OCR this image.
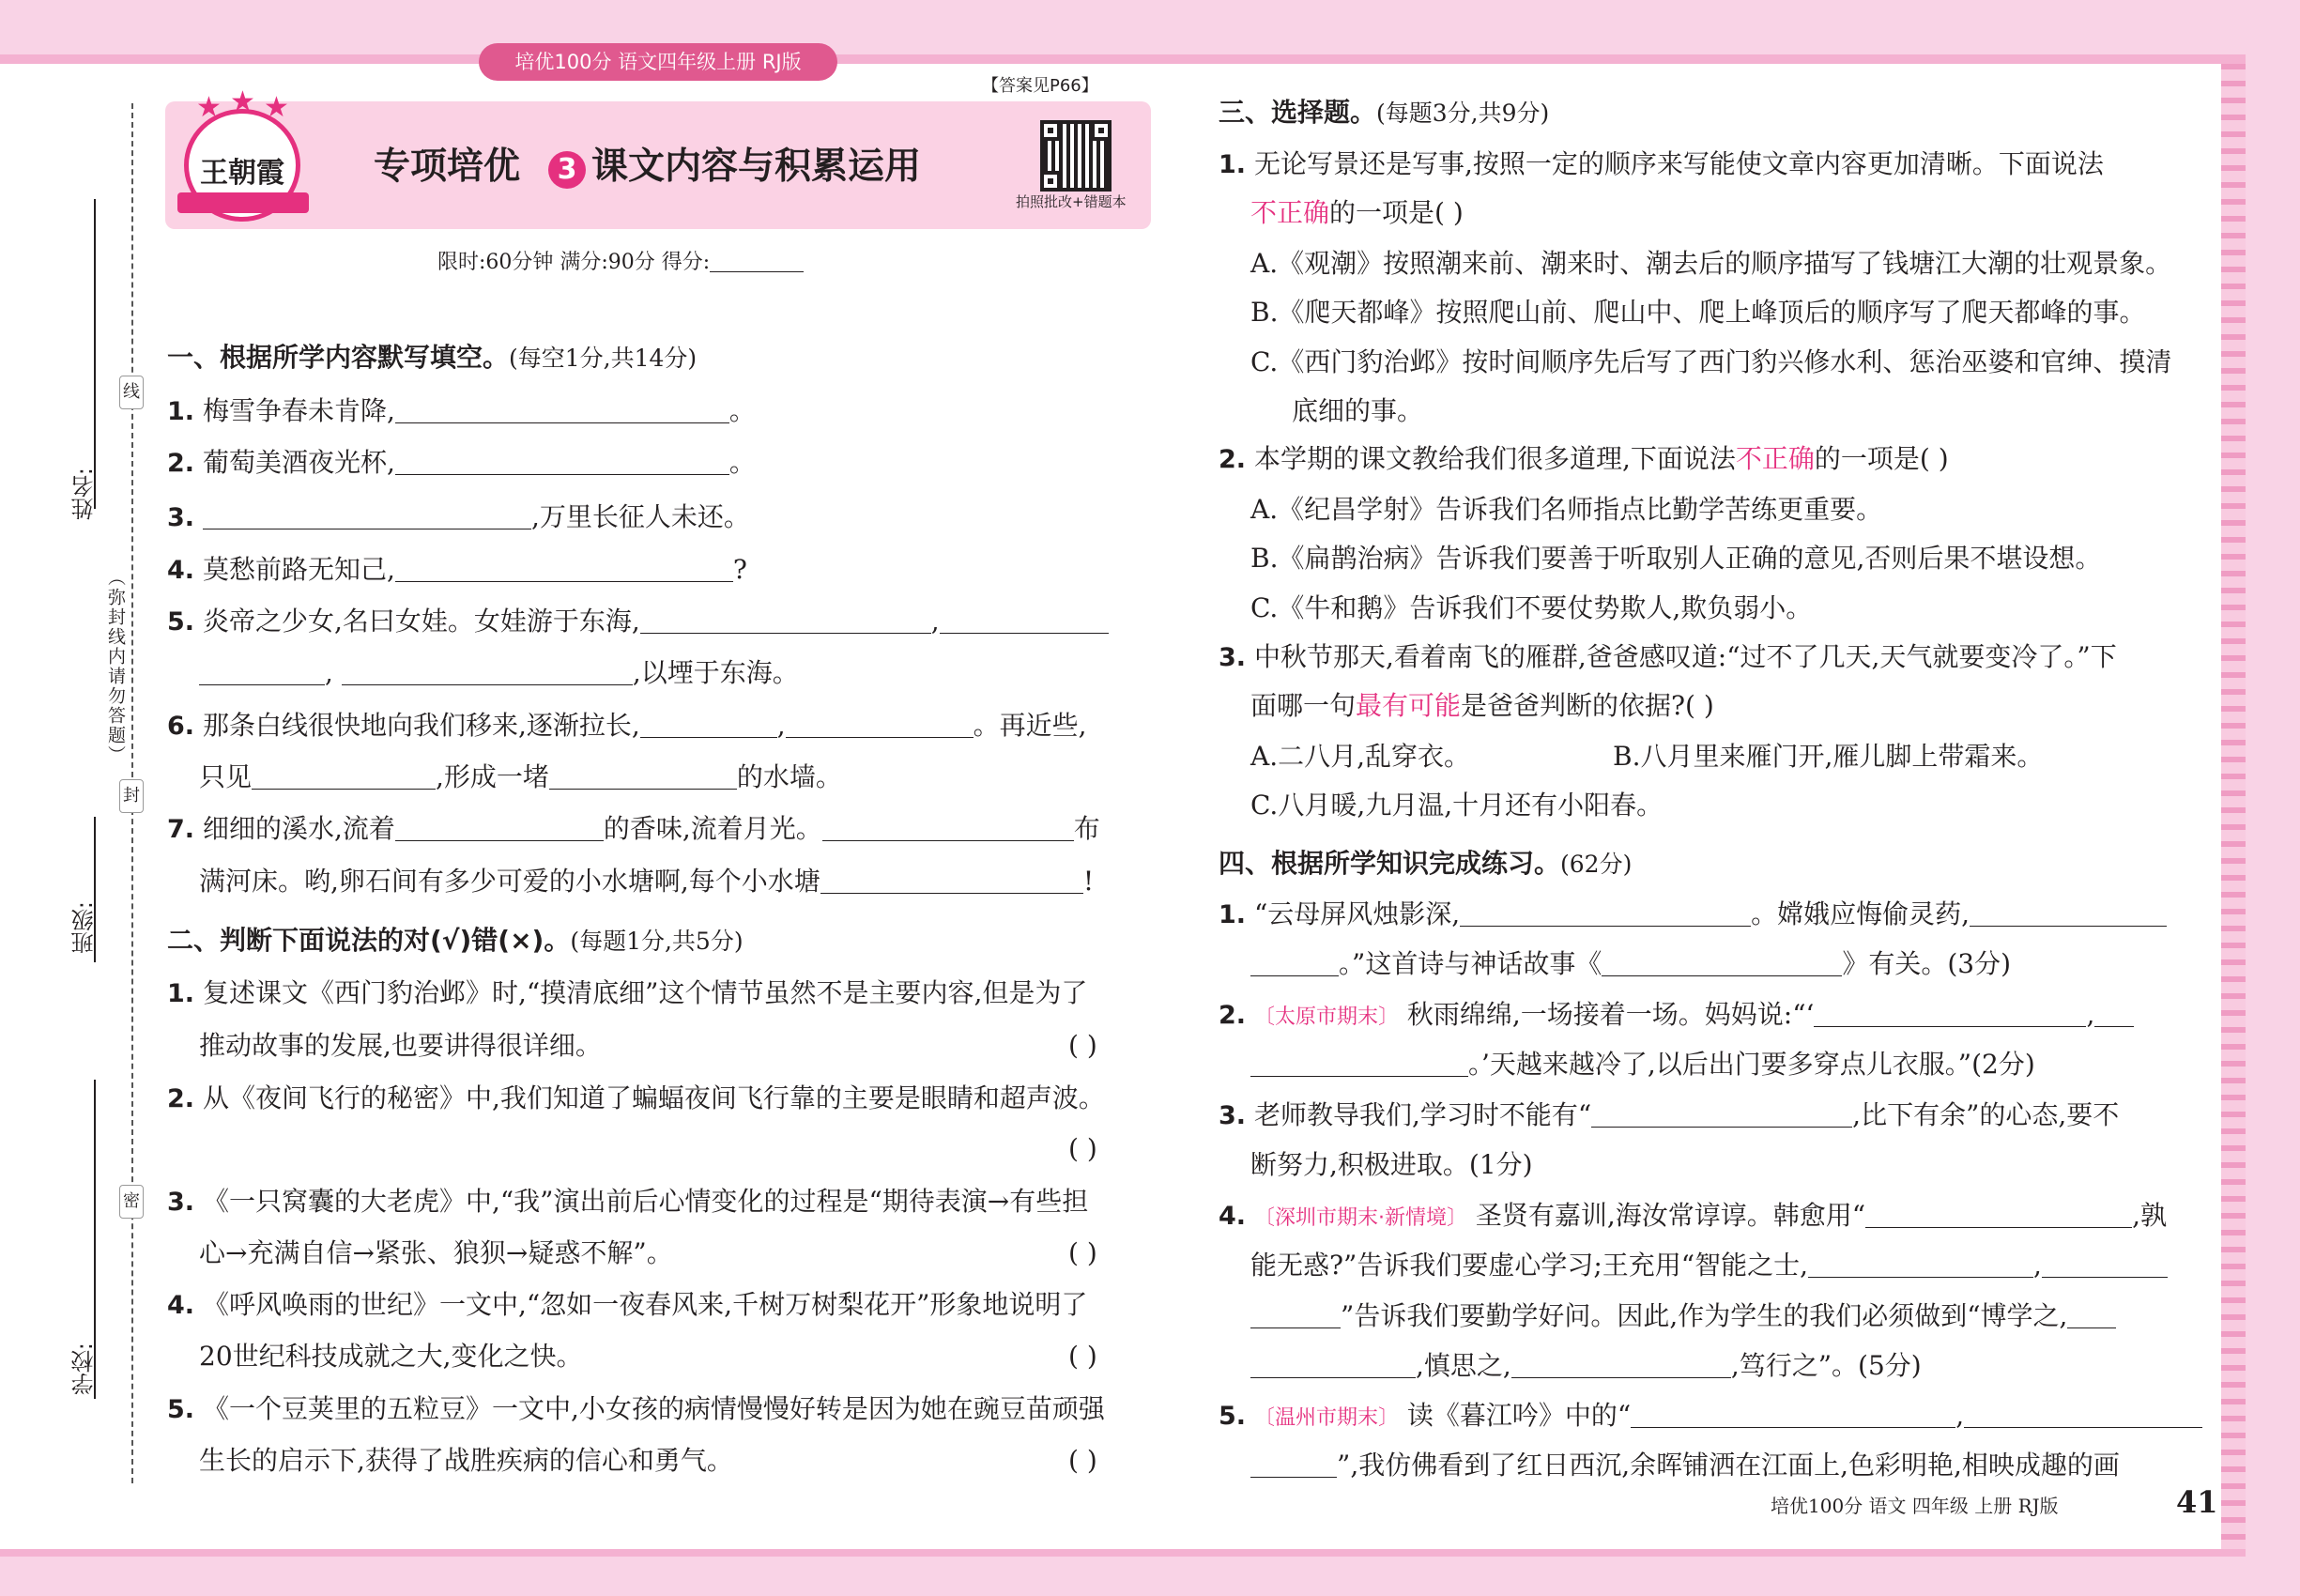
培优100分 语文四年级上册 RJ版
姓名:
班级:
学校:
（弥封线内请勿答题）
线
封
密
【答案见P66】
★ ★ ★
王朝霞	专项培优 3 课文内容与积累运用
拍照批改+错题本
限时:60分钟 满分:90分 得分:
一、根据所学内容默写填空。(每空1分,共14分)
1. 梅雪争春未肯降,	。
2. 葡萄美酒夜光杯,	。
3.	,万里长征人未还。
4. 莫愁前路无知己,	?
5. 炎帝之少女,名曰女娃。女娃游于东海,	,
,	,以堙于东海。
6. 那条白线很快地向我们移来,逐渐拉长,	,	。再近些,
只见	,形成一堵	的水墙。
7. 细细的溪水,流着	的香味,流着月光。	布
满河床。哟,卵石间有多少可爱的小水塘啊,每个小水塘	!
二、判断下面说法的对(√)错(×)。(每题1分,共5分)
1. 复述课文《西门豹治邺》时,“摸清底细”这个情节虽然不是主要内容,但是为了
推动故事的发展,也要讲得很详细。	( )
2. 从《夜间飞行的秘密》中,我们知道了蝙蝠夜间飞行靠的主要是眼睛和超声波。
( )
3. 《一只窝囊的大老虎》中,“我”演出前后心情变化的过程是“期待表演→有些担
心→充满自信→紧张、狼狈→疑惑不解”。	( )
4. 《呼风唤雨的世纪》一文中,“忽如一夜春风来,千树万树梨花开”形象地说明了
20世纪科技成就之大,变化之快。	( )
5. 《一个豆荚里的五粒豆》一文中,小女孩的病情慢慢好转是因为她在豌豆苗顽强
生长的启示下,获得了战胜疾病的信心和勇气。	( )
三、选择题。(每题3分,共9分)
1. 无论写景还是写事,按照一定的顺序来写能使文章内容更加清晰。下面说法
不正确的一项是( )
A.《观潮》按照潮来前、潮来时、潮去后的顺序描写了钱塘江大潮的壮观景象。
B.《爬天都峰》按照爬山前、爬山中、爬上峰顶后的顺序写了爬天都峰的事。
C.《西门豹治邺》按时间顺序先后写了西门豹兴修水利、惩治巫婆和官绅、摸清
底细的事。
2. 本学期的课文教给我们很多道理,下面说法不正确的一项是( )
A.《纪昌学射》告诉我们名师指点比勤学苦练更重要。
B.《扁鹊治病》告诉我们要善于听取别人正确的意见,否则后果不堪设想。
C.《牛和鹅》告诉我们不要仗势欺人,欺负弱小。
3. 中秋节那天,看着南飞的雁群,爸爸感叹道:“过不了几天,天气就要变冷了。”下
面哪一句最有可能是爸爸判断的依据?( )
A.二八月,乱穿衣。	B.八月里来雁门开,雁儿脚上带霜来。
C.八月暖,九月温,十月还有小阳春。
四、根据所学知识完成练习。(62分)
1. “云母屏风烛影深,	。嫦娥应悔偷灵药,
。”这首诗与神话故事《	》有关。(3分)
2. 〔太原市期末〕 秋雨绵绵,一场接着一场。妈妈说:“‘	,
。’天越来越冷了,以后出门要多穿点儿衣服。”(2分)
3. 老师教导我们,学习时不能有“	,比下有余”的心态,要不
断努力,积极进取。(1分)
4. 〔深圳市期末·新情境〕 圣贤有嘉训,海汝常谆谆。韩愈用“	,孰
能无惑?”告诉我们要虚心学习;王充用“智能之士,	,
”告诉我们要勤学好问。因此,作为学生的我们必须做到“博学之,
,慎思之,	,笃行之”。(5分)
5. 〔温州市期末〕 读《暮江吟》中的“	,
”,我仿佛看到了红日西沉,余晖铺洒在江面上,色彩明艳,相映成趣的画
培优100分 语文 四年级 上册 RJ版	41
